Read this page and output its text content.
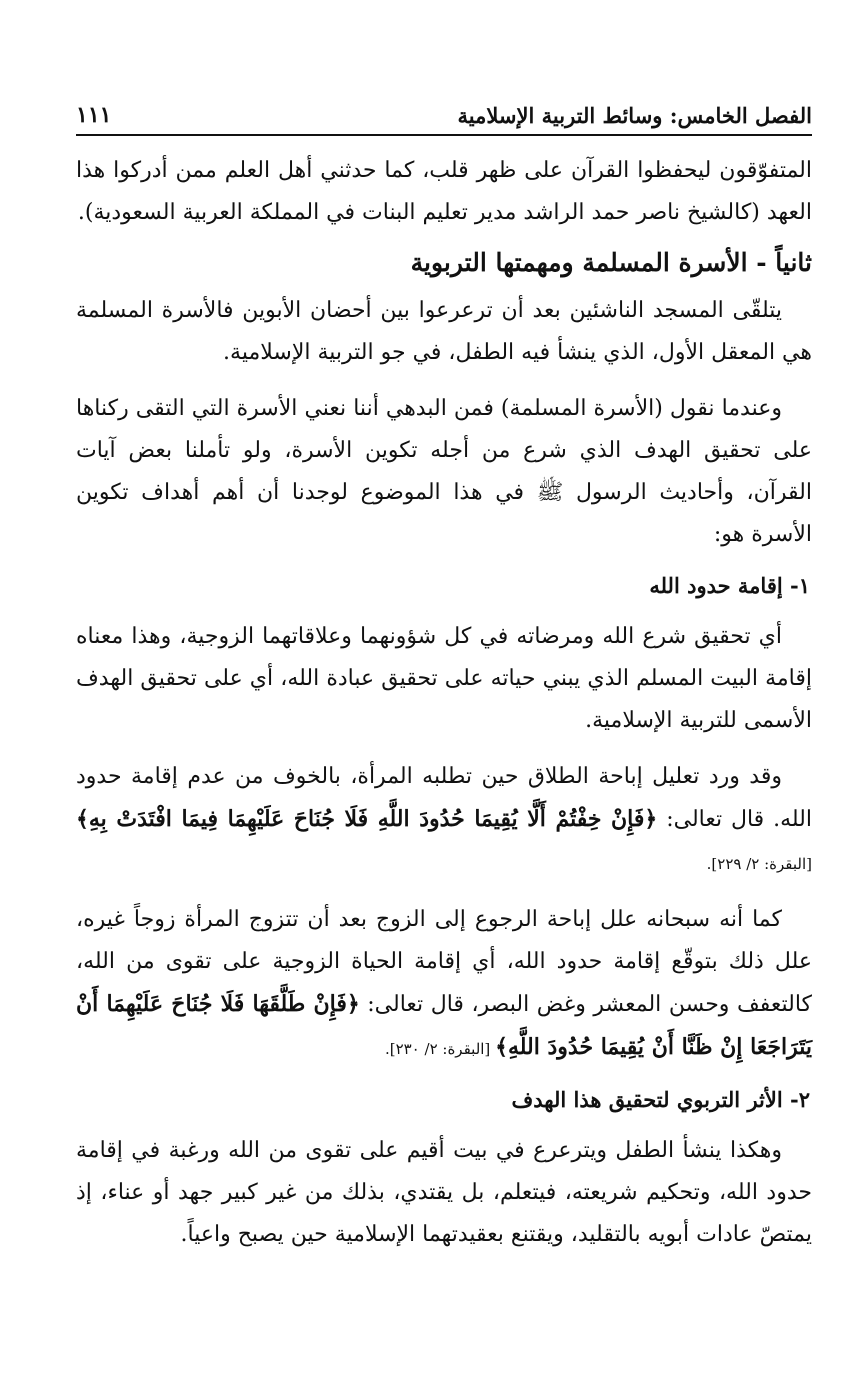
الفصل الخامس: وسائط التربية الإسلامية
١١١

المتفوّقون ليحفظوا القرآن على ظهر قلب، كما حدثني أهل العلم ممن أدركوا هذا العهد (كالشيخ ناصر حمد الراشد مدير تعليم البنات في المملكة العربية السعودية).

ثانياً - الأسرة المسلمة ومهمتها التربوية

يتلقّى المسجد الناشئين بعد أن ترعرعوا بين أحضان الأبوين فالأسرة المسلمة هي المعقل الأول، الذي ينشأ فيه الطفل، في جو التربية الإسلامية.

وعندما نقول (الأسرة المسلمة) فمن البدهي أننا نعني الأسرة التي التقى ركناها على تحقيق الهدف الذي شرع من أجله تكوين الأسرة، ولو تأملنا بعض آيات القرآن، وأحاديث الرسول ﷺ في هذا الموضوع لوجدنا أن أهم أهداف تكوين الأسرة هو:

١- إقامة حدود الله

أي تحقيق شرع الله ومرضاته في كل شؤونهما وعلاقاتهما الزوجية، وهذا معناه إقامة البيت المسلم الذي يبني حياته على تحقيق عبادة الله، أي على تحقيق الهدف الأسمى للتربية الإسلامية.

وقد ورد تعليل إباحة الطلاق حين تطلبه المرأة، بالخوف من عدم إقامة حدود الله. قال تعالى: ﴿فَإِنْ خِفْتُمْ أَلَّا يُقِيمَا حُدُودَ اللَّهِ فَلَا جُنَاحَ عَلَيْهِمَا فِيمَا افْتَدَتْ بِهِ﴾ [البقرة: ٢/ ٢٢٩].

كما أنه سبحانه علل إباحة الرجوع إلى الزوج بعد أن تتزوج المرأة زوجاً غيره، علل ذلك بتوقّع إقامة حدود الله، أي إقامة الحياة الزوجية على تقوى من الله، كالتعفف وحسن المعشر وغض البصر، قال تعالى: ﴿فَإِنْ طَلَّقَهَا فَلَا جُنَاحَ عَلَيْهِمَا أَنْ يَتَرَاجَعَا إِنْ ظَنَّا أَنْ يُقِيمَا حُدُودَ اللَّهِ﴾ [البقرة: ٢/ ٢٣٠].

٢- الأثر التربوي لتحقيق هذا الهدف

وهكذا ينشأ الطفل ويترعرع في بيت أقيم على تقوى من الله ورغبة في إقامة حدود الله، وتحكيم شريعته، فيتعلم، بل يقتدي، بذلك من غير كبير جهد أو عناء، إذ يمتصّ عادات أبويه بالتقليد، ويقتنع بعقيدتهما الإسلامية حين يصبح واعياً.
